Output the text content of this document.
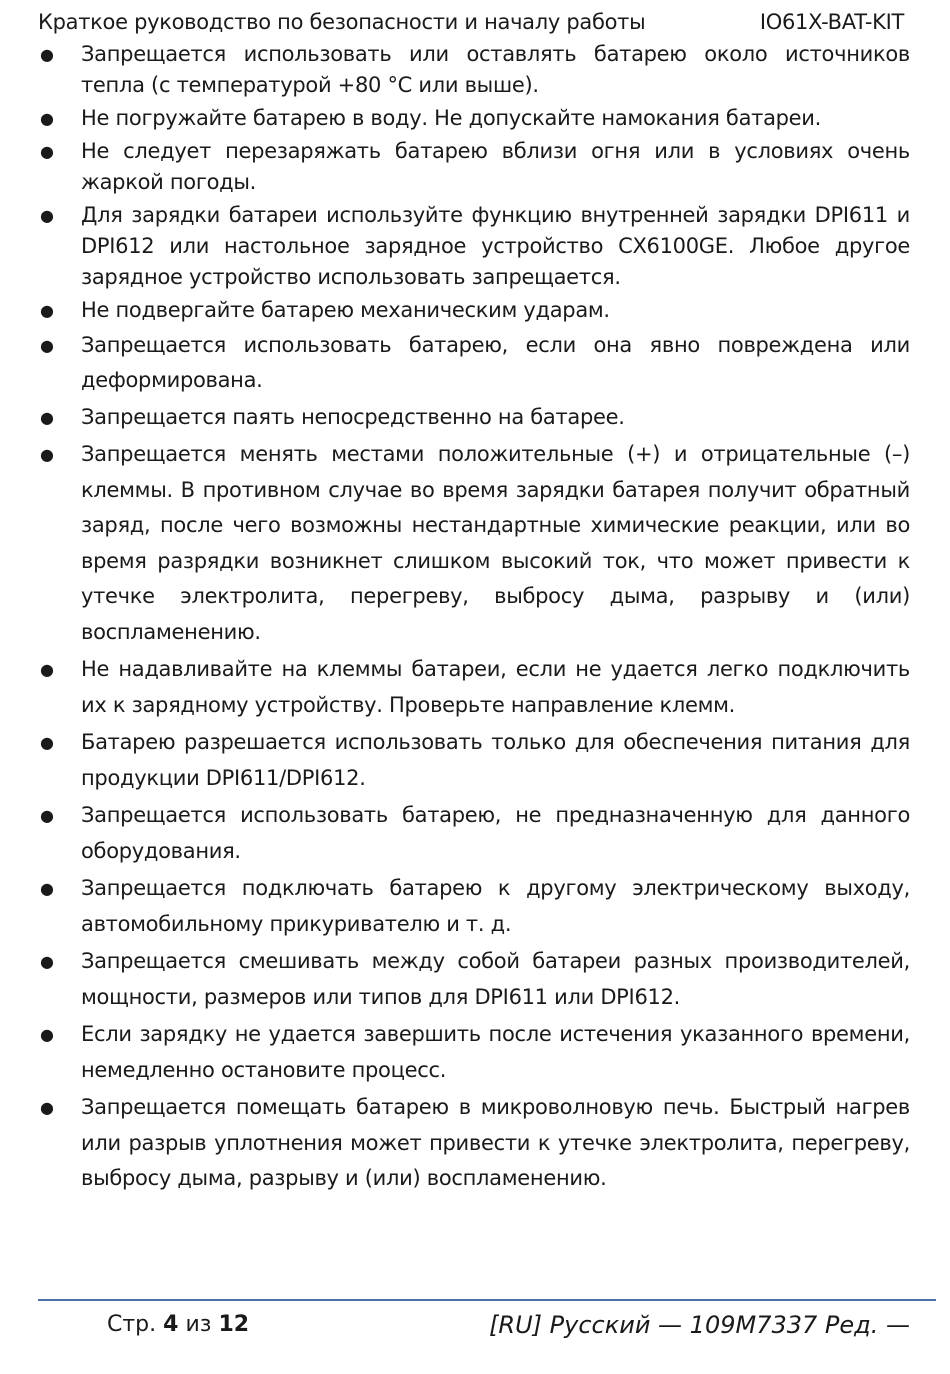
Краткое руководство по безопасности и началу работы	IO61X-BAT-KIT
● Запрещается использовать или оставлять батарею около источников тепла (с температурой +80 °С или выше).
● Не погружайте батарею в воду. Не допускайте намокания батареи.
● Не следует перезаряжать батарею вблизи огня или в условиях очень жаркой погоды.
● Для зарядки батареи используйте функцию внутренней зарядки DPI611 и DPI612 или настольное зарядное устройство CX6100GE. Любое другое зарядное устройство использовать запрещается.
● Не подвергайте батарею механическим ударам.
● Запрещается использовать батарею, если она явно повреждена или деформирована.
● Запрещается паять непосредственно на батарее.
● Запрещается менять местами положительные (+) и отрицательные (–) клеммы. В противном случае во время зарядки батарея получит обратный заряд, после чего возможны нестандартные химические реакции, или во время разрядки возникнет слишком высокий ток, что может привести к утечке электролита, перегреву, выбросу дыма, разрыву и (или) воспламенению.
● Не надавливайте на клеммы батареи, если не удается легко подключить их к зарядному устройству. Проверьте направление клемм.
● Батарею разрешается использовать только для обеспечения питания для продукции DPI611/DPI612.
● Запрещается использовать батарею, не предназначенную для данного оборудования.
● Запрещается подключать батарею к другому электрическому выходу, автомобильному прикуривателю и т. д.
● Запрещается смешивать между собой батареи разных производителей, мощности, размеров или типов для DPI611 или DPI612.
● Если зарядку не удается завершить после истечения указанного времени, немедленно остановите процесс.
● Запрещается помещать батарею в микроволновую печь. Быстрый нагрев или разрыв уплотнения может привести к утечке электролита, перегреву, выбросу дыма, разрыву и (или) воспламенению.
Стр. 4 из 12	[RU] Русский — 109M7337 Ред. —
